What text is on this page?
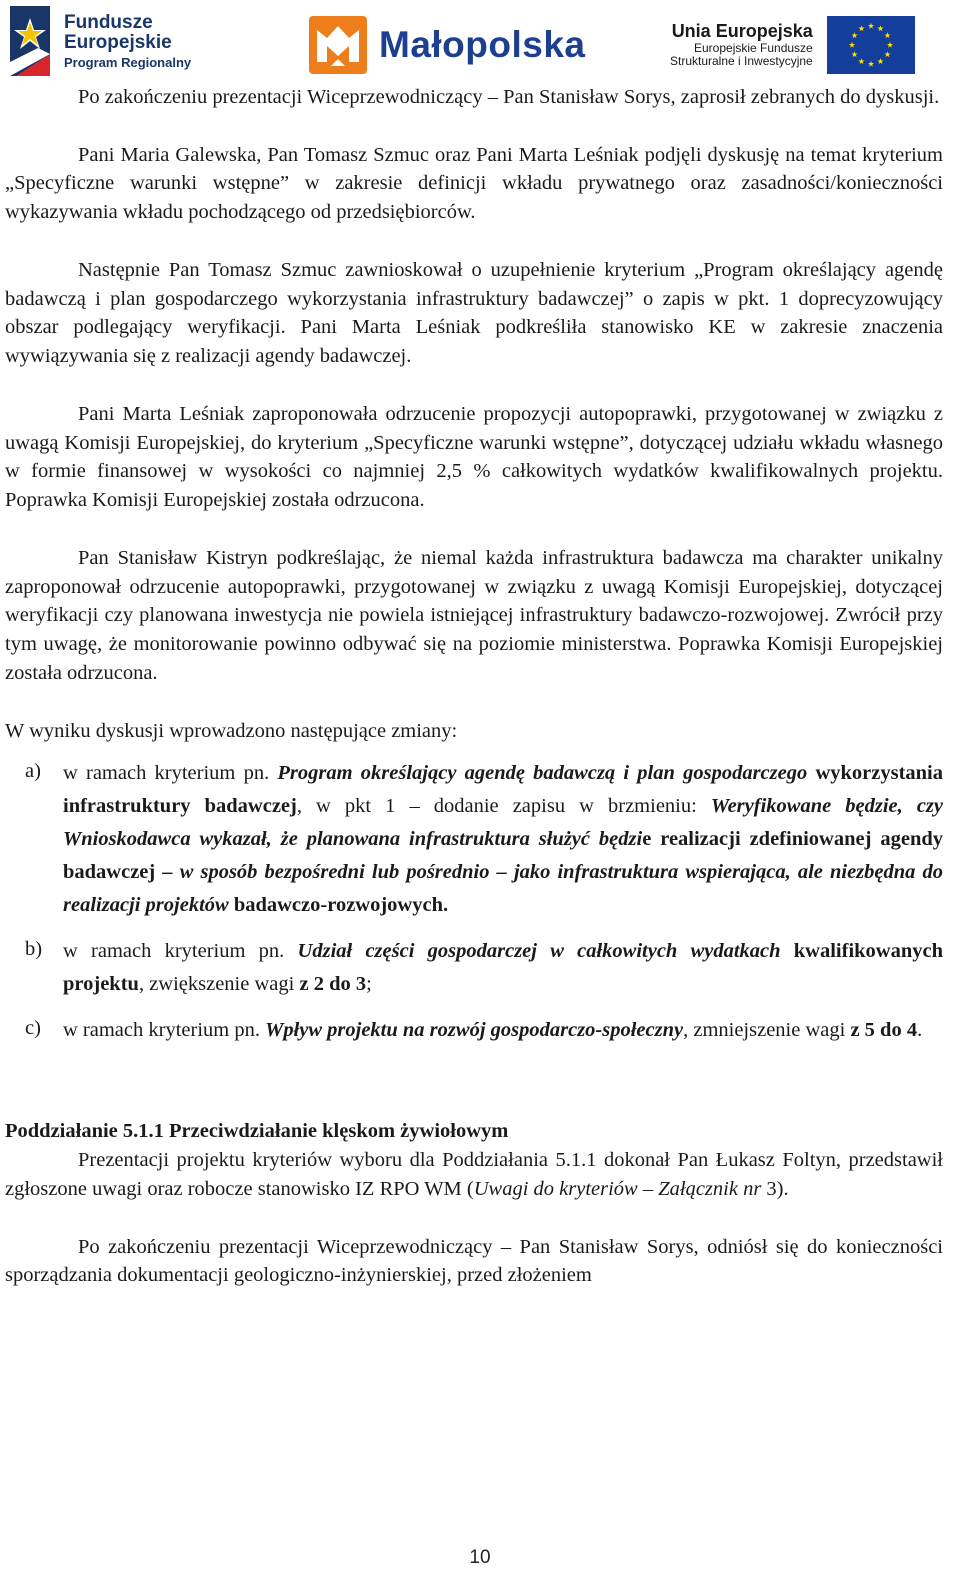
Fundusze
Europejskie
Program Regionalny	Małopolska	Unia Europejska
Europejskie Fundusze
Strukturalne i Inwestycyjne

Po zakończeniu prezentacji Wiceprzewodniczący – Pan Stanisław Sorys, zaprosił zebranych do dyskusji.

Pani Maria Galewska, Pan Tomasz Szmuc oraz Pani Marta Leśniak podjęli dyskusję na temat kryterium „Specyficzne warunki wstępne” w zakresie definicji wkładu prywatnego oraz zasadności/konieczności wykazywania wkładu pochodzącego od przedsiębiorców.

Następnie Pan Tomasz Szmuc zawnioskował o uzupełnienie kryterium „Program określający agendę badawczą i plan gospodarczego wykorzystania infrastruktury badawczej” o zapis w pkt. 1 doprecyzowujący obszar podlegający weryfikacji. Pani Marta Leśniak podkreśliła stanowisko KE w zakresie znaczenia wywiązywania się z realizacji agendy badawczej.

Pani Marta Leśniak zaproponowała odrzucenie propozycji autopoprawki, przygotowanej w związku z uwagą Komisji Europejskiej, do kryterium „Specyficzne warunki wstępne”, dotyczącej udziału wkładu własnego w formie finansowej w wysokości co najmniej 2,5 % całkowitych wydatków kwalifikowalnych projektu. Poprawka Komisji Europejskiej została odrzucona.

Pan Stanisław Kistryn podkreślając, że niemal każda infrastruktura badawcza ma charakter unikalny zaproponował odrzucenie autopoprawki, przygotowanej w związku z uwagą Komisji Europejskiej, dotyczącej weryfikacji czy planowana inwestycja nie powiela istniejącej infrastruktury badawczo-rozwojowej. Zwrócił przy tym uwagę, że monitorowanie powinno odbywać się na poziomie ministerstwa. Poprawka Komisji Europejskiej została odrzucona.

W wyniku dyskusji wprowadzono następujące zmiany:

a)	w ramach kryterium pn. Program określający agendę badawczą i plan gospodarczego wykorzystania infrastruktury badawczej, w pkt 1 – dodanie zapisu w brzmieniu: Weryfikowane będzie, czy Wnioskodawca wykazał, że planowana infrastruktura służyć będzie realizacji zdefiniowanej agendy badawczej – w sposób bezpośredni lub pośrednio – jako infrastruktura wspierająca, ale niezbędna do realizacji projektów badawczo-rozwojowych.
b)	w ramach kryterium pn. Udział części gospodarczej w całkowitych wydatkach kwalifikowanych projektu, zwiększenie wagi z 2 do 3;
c)	w ramach kryterium pn. Wpływ projektu na rozwój gospodarczo-społeczny, zmniejszenie wagi z 5 do 4.
Poddziałanie 5.1.1 Przeciwdziałanie klęskom żywiołowym

Prezentacji projektu kryteriów wyboru dla Poddziałania 5.1.1 dokonał Pan Łukasz Foltyn, przedstawił zgłoszone uwagi oraz robocze stanowisko IZ RPO WM (Uwagi do kryteriów – Załącznik nr 3).

Po zakończeniu prezentacji Wiceprzewodniczący – Pan Stanisław Sorys, odniósł się do konieczności sporządzania dokumentacji geologiczno-inżynierskiej, przed złożeniem

10
